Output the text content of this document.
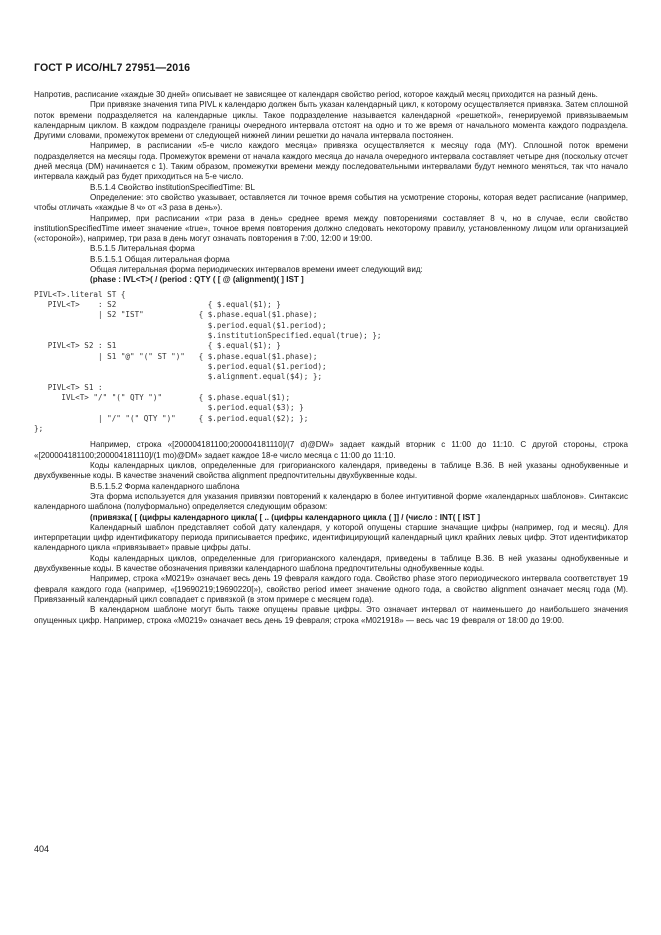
ГОСТ Р ИСО/HL7 27951—2016

Напротив, расписание «каждые 30 дней» описывает не зависящее от календаря свойство period, которое каждый месяц приходится на разный день.

При привязке значения типа PIVL к календарю должен быть указан календарный цикл, к которому осуществляется привязка. Затем сплошной поток времени подразделяется на календарные циклы. Такое подразделение называется календарной «решеткой», генерируемой привязываемым календарным циклом. В каждом подразделе границы очередного интервала отстоят на одно и то же время от начального момента каждого подраздела. Другими словами, промежуток времени от следующей нижней линии решетки до начала интервала постоянен.

Например, в расписании «5-е число каждого месяца» привязка осуществляется к месяцу года (MY). Сплошной поток времени подразделяется на месяцы года. Промежуток времени от начала каждого месяца до начала очередного интервала составляет четыре дня (поскольку отсчет дней месяца (DM) начинается с 1). Таким образом, промежутки времени между последовательными интервалами будут немного меняться, так что начало интервала каждый раз будет приходиться на 5-е число.

B.5.1.4 Свойство institutionSpecifiedTime: BL

Определение: это свойство указывает, оставляется ли точное время события на усмотрение стороны, которая ведет расписание (например, чтобы отличать «каждые 8 ч» от «3 раза в день»).

Например, при расписании «три раза в день» среднее время между повторениями составляет 8 ч, но в случае, если свойство institutionSpecifiedTime имеет значение «true», точное время повторения должно следовать некоторому правилу, установленному лицом или организацией («стороной»), например, три раза в день могут означать повторения в 7:00, 12:00 и 19:00.

B.5.1.5 Литеральная форма

B.5.1.5.1 Общая литеральная форма

Общая литеральная форма периодических интервалов времени имеет следующий вид:

(phase : IVL<T>( / (period : QTY ( [ @ (alignment)( ] IST ]

PIVL<T>.literal ST {
PIVL<T>    : S2                    { $.equal($1); }
| S2 "IST"            { $.phase.equal($1.phase);
$.period.equal($1.period);
$.institutionSpecified.equal(true); };
PIVL<T> S2 : S1                    { $.equal($1); }
| S1 "@" "(" ST ")"   { $.phase.equal($1.phase);
$.period.equal($1.period);
$.alignment.equal($4); };
PIVL<T> S1 :
IVL<T> "/" "(" QTY ")"        { $.phase.equal($1);
$.period.equal($3); }
| "/" "(" QTY ")"     { $.period.equal($2); };
};

Например, строка «[200004181100;200004181110]/(7 d)@DW» задает каждый вторник с 11:00 до 11:10. С другой стороны, строка «[200004181100;200004181110]/(1 mo)@DM» задает каждое 18-е число месяца с 11:00 до 11:10.

Коды календарных циклов, определенные для григорианского календаря, приведены в таблице B.36. В ней указаны однобуквенные и двухбуквенные коды. В качестве значений свойства alignment предпочтительны двухбуквенные коды.

B.5.1.5.2 Форма календарного шаблона

Эта форма используется для указания привязки повторений к календарю в более интуитивной форме «календарных шаблонов». Синтаксис календарного шаблона (полуформально) определяется следующим образом:

(привязка( [ (цифры календарного цикла( [ .. (цифры календарного цикла ( ]] / (число : INT( [ IST ]

Календарный шаблон представляет собой дату календаря, у которой опущены старшие значащие цифры (например, год и месяц). Для интерпретации цифр идентификатору периода приписывается префикс, идентифицирующий календарный цикл крайних левых цифр. Этот идентификатор календарного цикла «привязывает» правые цифры даты.

Коды календарных циклов, определенные для григорианского календаря, приведены в таблице B.36. В ней указаны однобуквенные и двухбуквенные коды. В качестве обозначения привязки календарного шаблона предпочтительны однобуквенные коды.

Например, строка «M0219» означает весь день 19 февраля каждого года. Свойство phase этого периодического интервала соответствует 19 февраля каждого года (например, «[19690219;19690220[»), свойство period имеет значение одного года, а свойство alignment означает месяц года (M). Привязанный календарный цикл совпадает с привязкой (в этом примере с месяцем года).

В календарном шаблоне могут быть также опущены правые цифры. Это означает интервал от наименьшего до наибольшего значения опущенных цифр. Например, строка «M0219» означает весь день 19 февраля; строка «M021918» — весь час 19 февраля от 18:00 до 19:00.

404
